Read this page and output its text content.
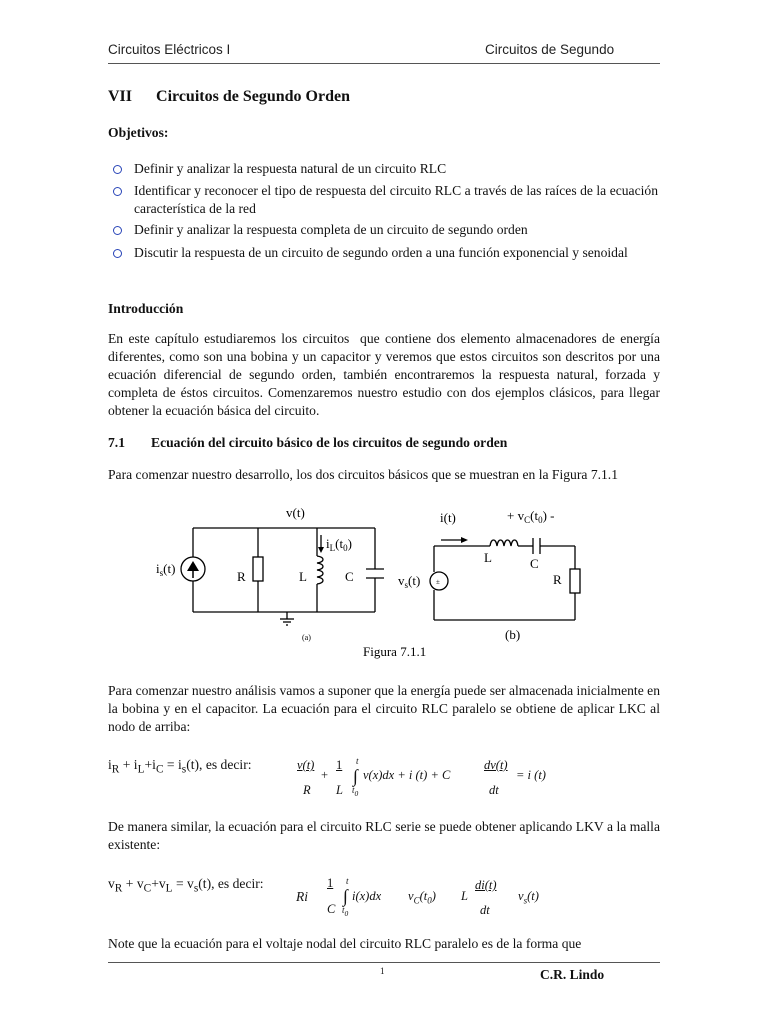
Circuitos Eléctricos I	Circuitos de Segundo
VII Circuitos de Segundo Orden
Objetivos:
Definir y analizar la respuesta natural de un circuito RLC
Identificar y reconocer el tipo de respuesta del circuito RLC a través de las raíces de la ecuación característica de la red
Definir y analizar la respuesta completa de un circuito de segundo orden
Discutir la respuesta de un circuito de segundo orden a una función exponencial y senoidal
Introducción
En este capítulo estudiaremos los circuitos  que contiene dos elemento almacenadores de energía diferentes, como son una bobina y un capacitor y veremos que estos circuitos son descritos por una ecuación diferencial de segundo orden, también encontraremos la respuesta natural, forzada y completa de éstos circuitos. Comenzaremos nuestro estudio con dos ejemplos clásicos, para llegar obtener la ecuación básica del circuito.
7.1 Ecuación del circuito básico de los circuitos de segundo orden
Para comenzar nuestro desarrollo, los dos circuitos básicos que se muestran en la Figura 7.1.1
v(t)
$i_L(t_0)$
$i_s(t)$
R	L	C
(a)
i(t)	+ $v_C(t_0)$ -
L	C
R
$v_s(t)$ ±
(b)
Figura 7.1.1
Para comenzar nuestro análisis vamos a suponer que la energía puede ser almacenada inicialmente en la bobina y en el capacitor. La ecuación para el circuito RLC paralelo se obtiene de aplicar LKC al nodo de arriba:
$i_R + i_L+i_C = i_s(t)$, es decir:	v(t)
R
+
1
L
t
∫
$t_0$
v(x)dx + i (t) + C
dv(t)
dt
= i (t)
De manera similar, la ecuación para el circuito RLC serie se puede obtener aplicando LKV a la malla existente:
$v_R + v_C+v_L = v_s(t)$, es decir:
Ri
1
C
t
∫
$t_0$
i(x)dx $v_C(t_0)$ L
di(t)
dt
$v_s(t)$
Note que la ecuación para el voltaje nodal del circuito RLC paralelo es de la forma que
1	C.R. Lindo
